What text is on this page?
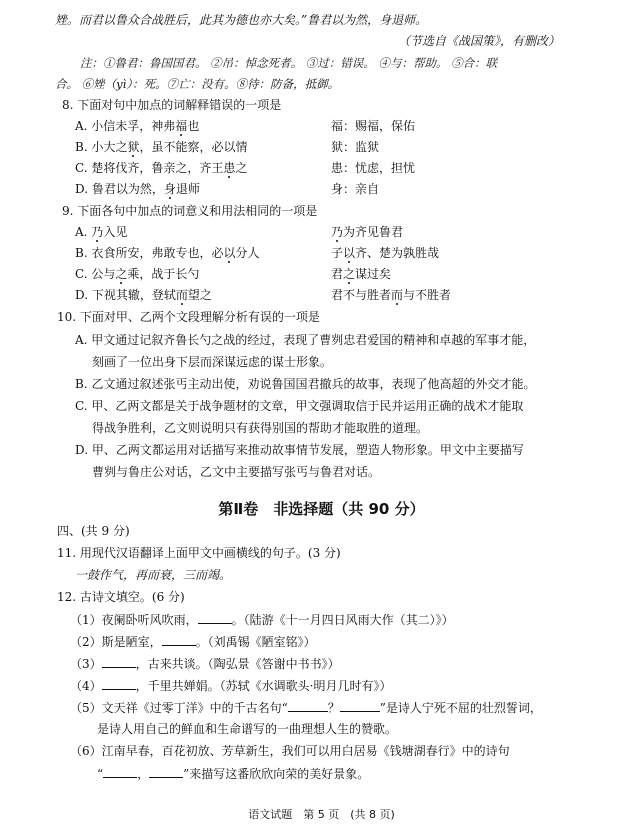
矬。而君以鲁众合战胜后，此其为德也亦大矣。”鲁君以为然，身退师。
（节选自《战国策》，有删改）
注：①鲁君：鲁国国君。 ②吊：悼念死者。 ③过：错误。 ④与：帮助。 ⑤合：联
合。 ⑥矬（yì）：死。⑦亡：没有。⑧待：防备，抵御。
8. 下面对句中加点的词解释错误的一项是
A. 小信未孚，神弗福也	福：赐福，保佑
B. 小大之狱，虽不能察，必以情	狱：监狱
C. 楚将伐齐，鲁亲之，齐王患之	患：忧虑，担忧
D. 鲁君以为然，身退师	身：亲自
9. 下面各句中加点的词意义和用法相同的一项是
A. 乃入见	乃为齐见鲁君
B. 衣食所安，弗敢专也，必以分人	子以齐、楚为孰胜哉
C. 公与之乘，战于长勺	君之谋过矣
D. 下视其辙，登轼而望之	君不与胜者而与不胜者
10. 下面对甲、乙两个文段理解分析有误的一项是
A. 甲文通过记叙齐鲁长勺之战的经过，表现了曹刿忠君爱国的精神和卓越的军事才能，
刻画了一位出身下层而深谋远虑的谋士形象。
B. 乙文通过叙述张丐主动出使，劝说鲁国国君撤兵的故事，表现了他高超的外交才能。
C. 甲、乙两文都是关于战争题材的文章，甲文强调取信于民并运用正确的战术才能取
得战争胜利，乙文则说明只有获得别国的帮助才能取胜的道理。
D. 甲、乙两文都运用对话描写来推动故事情节发展，塑造人物形象。甲文中主要描写
曹刿与鲁庄公对话，乙文中主要描写张丐与鲁君对话。
第Ⅱ卷　非选择题（共 90 分）
四、(共 9 分)
11. 用现代汉语翻译上面甲文中画横线的句子。(3 分)
一鼓作气，再而衰，三而竭。
12. 古诗文填空。(6 分)
（1）夜阑卧听风吹雨，	。（陆游《十一月四日风雨大作（其二）》）
（2）斯是陋室，	。（刘禹锡《陋室铭》）
（3）	，古来共谈。（陶弘景《答谢中书书》）
（4）	，千里共婵娟。（苏轼《水调歌头·明月几时有》）
（5）文天祥《过零丁洋》中的千古名句“	？	”是诗人宁死不屈的壮烈誓词，
是诗人用自己的鲜血和生命谱写的一曲理想人生的赞歌。
（6）江南早春，百花初放、芳草新生，我们可以用白居易《钱塘湖春行》中的诗句
“	，	”来描写这番欣欣向荣的美好景象。
语文试题　第 5 页　(共 8 页)
